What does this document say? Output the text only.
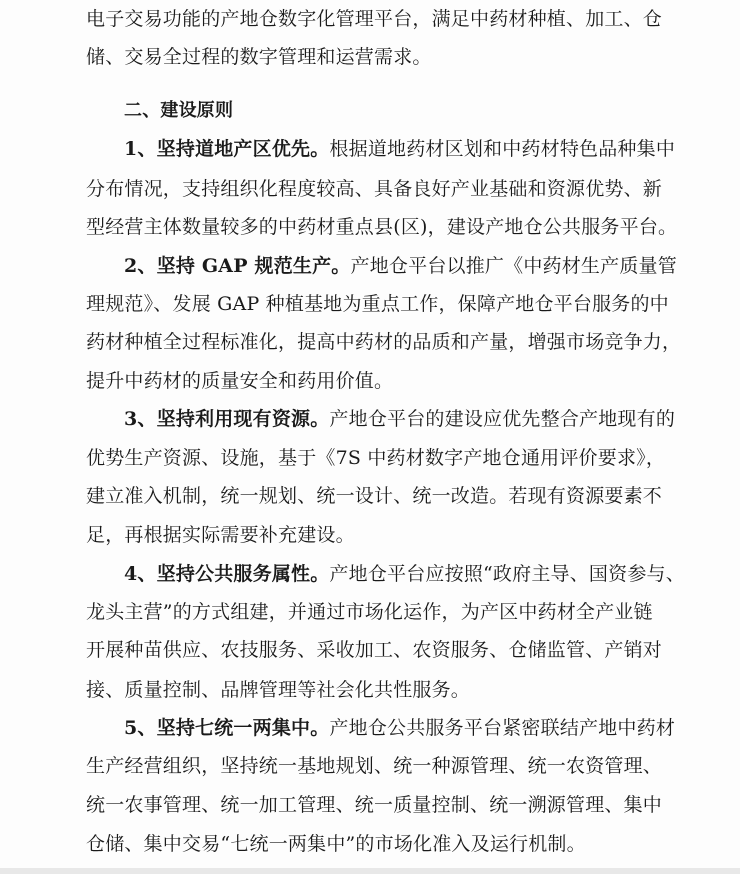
电子交易功能的产地仓数字化管理平台，满足中药材种植、加工、仓
储、交易全过程的数字管理和运营需求。
二、建设原则
1、坚持道地产区优先。根据道地药材区划和中药材特色品种集中
分布情况，支持组织化程度较高、具备良好产业基础和资源优势、新
型经营主体数量较多的中药材重点县(区)，建设产地仓公共服务平台。
2、坚持 GAP 规范生产。产地仓平台以推广《中药材生产质量管
理规范》、发展 GAP 种植基地为重点工作，保障产地仓平台服务的中
药材种植全过程标准化，提高中药材的品质和产量，增强市场竞争力，
提升中药材的质量安全和药用价值。
3、坚持利用现有资源。产地仓平台的建设应优先整合产地现有的
优势生产资源、设施，基于《7S 中药材数字产地仓通用评价要求》，
建立准入机制，统一规划、统一设计、统一改造。若现有资源要素不
足，再根据实际需要补充建设。
4、坚持公共服务属性。产地仓平台应按照“政府主导、国资参与、
龙头主营”的方式组建，并通过市场化运作，为产区中药材全产业链
开展种苗供应、农技服务、采收加工、农资服务、仓储监管、产销对
接、质量控制、品牌管理等社会化共性服务。
5、坚持七统一两集中。产地仓公共服务平台紧密联结产地中药材
生产经营组织，坚持统一基地规划、统一种源管理、统一农资管理、
统一农事管理、统一加工管理、统一质量控制、统一溯源管理、集中
仓储、集中交易“七统一两集中”的市场化准入及运行机制。
